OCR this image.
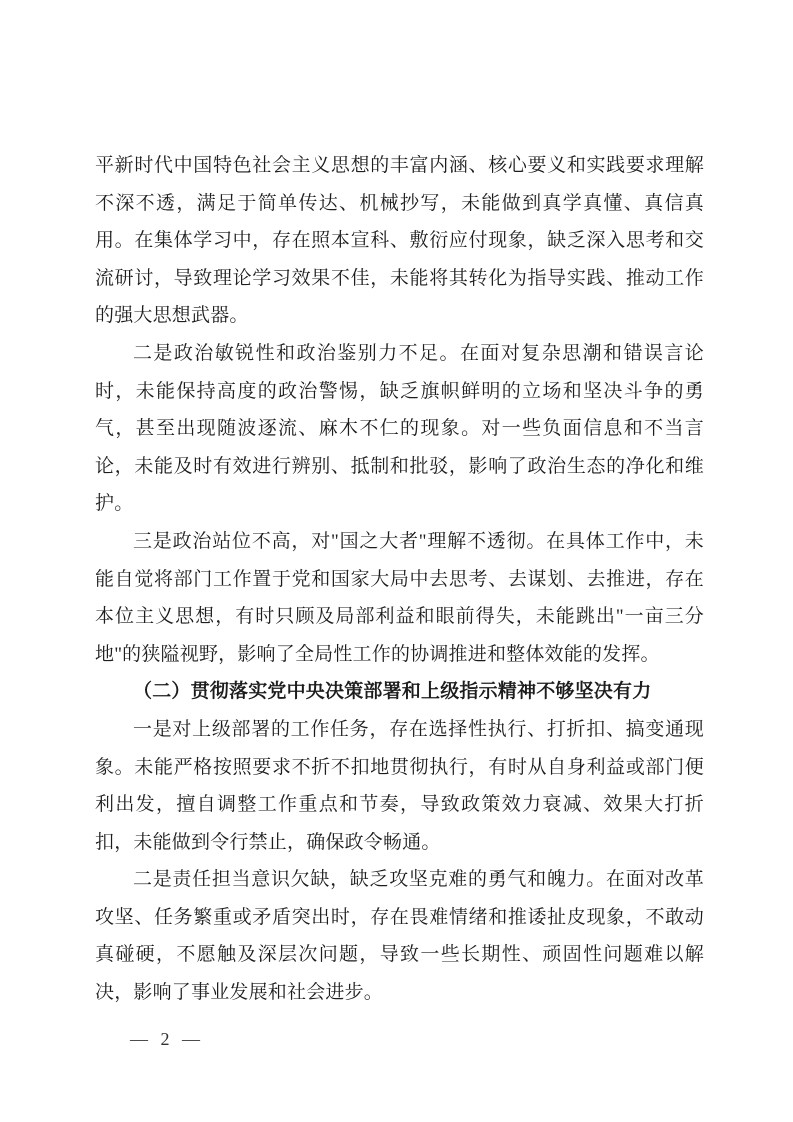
平新时代中国特色社会主义思想的丰富内涵、核心要义和实践要求理解不深不透，满足于简单传达、机械抄写，未能做到真学真懂、真信真用。在集体学习中，存在照本宣科、敷衍应付现象，缺乏深入思考和交流研讨，导致理论学习效果不佳，未能将其转化为指导实践、推动工作的强大思想武器。

二是政治敏锐性和政治鉴别力不足。在面对复杂思潮和错误言论时，未能保持高度的政治警惕，缺乏旗帜鲜明的立场和坚决斗争的勇气，甚至出现随波逐流、麻木不仁的现象。对一些负面信息和不当言论，未能及时有效进行辨别、抵制和批驳，影响了政治生态的净化和维护。

三是政治站位不高，对"国之大者"理解不透彻。在具体工作中，未能自觉将部门工作置于党和国家大局中去思考、去谋划、去推进，存在本位主义思想，有时只顾及局部利益和眼前得失，未能跳出"一亩三分地"的狭隘视野，影响了全局性工作的协调推进和整体效能的发挥。

（二）贯彻落实党中央决策部署和上级指示精神不够坚决有力

一是对上级部署的工作任务，存在选择性执行、打折扣、搞变通现象。未能严格按照要求不折不扣地贯彻执行，有时从自身利益或部门便利出发，擅自调整工作重点和节奏，导致政策效力衰减、效果大打折扣，未能做到令行禁止，确保政令畅通。

二是责任担当意识欠缺，缺乏攻坚克难的勇气和魄力。在面对改革攻坚、任务繁重或矛盾突出时，存在畏难情绪和推诿扯皮现象，不敢动真碰硬，不愿触及深层次问题，导致一些长期性、顽固性问题难以解决，影响了事业发展和社会进步。

— 2 —
